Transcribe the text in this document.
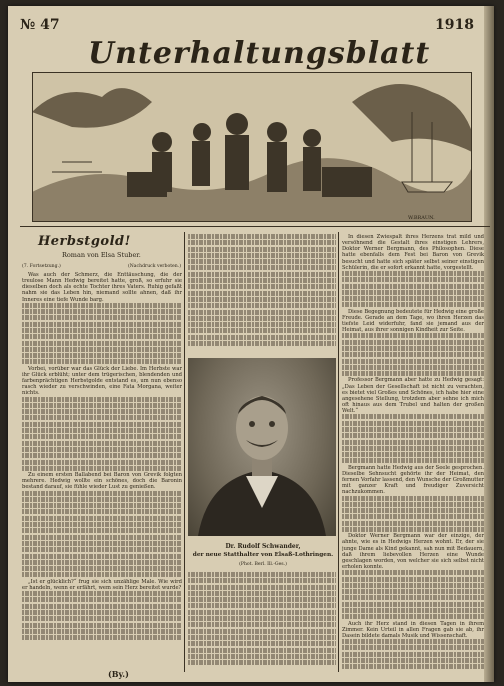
№ 47	1918
Unterhaltungsblatt
W.BRAUN.
Herbstgold!
Roman von Elsa Stuber.
(7. Fortsetzung.)	(Nachdruck verboten.)

Was auch der Schmerz, die Enttäuschung, die der treulose Mann Hedwig bereitet hatte, groß, so erfuhr sie dieselben doch als echte Tochter ihres Vaters. Ruhig gefaßt nahm sie das Leben hin, niemand sollte ahnen, daß ihr Inneres eine tiefe Wunde barg.

Vorbei, vorüber war das Glück der Liebe. Im Herbste war ihr Glück erblüht; unter dem trügerischen, blendenden und farbenprächtigen Herbstgolde entstand es, um nun ebenso rasch wieder zu verschwinden, eine Fata Morgana, weiter nichts.

Zu einem ersten Ballabend bei Baron von Grevik folgten mehrere. Hedwig wollte ein schönes, doch die Baronin bestand darauf, sie fühle wieder Lust zu genießen.

„Ist er glücklich?“ frug sie sich unzählige Male. Wie wird er handeln, wenn er erfährt, wem sein Herz bereitet wurde?

(By.)
Dr. Rudolf Schwander,
der neue Statthalter von Elsaß-Lothringen.
(Phot. Berl. Ill.-Ges.)

In diesen Zwiespalt ihres Herzens trat mild und versöhnend die Gestalt ihres einstigen Lehrers, Doktor Werner Bergmann, des Philosophen. Diese hatte ebenfalls dem Fest bei Baron von Grevik besucht und hatte sich später selbst seiner einstigen Schülerin, die er sofort erkannt hatte, vorgestellt.

Diese Begegnung bedeutete für Hedwig eine große Freude. Gerade an dem Tage, wo ihren Herzen das tiefste Leid widerfuhr, fand sie jemand aus der Heimat, aus ihrer sonnigen Kindheit zur Seite.

Professor Bergmann aber hatte zu Hedwig gesagt: „Das Leben der Gesellschaft ist nicht zu verachten, es bietet viel Großes und Schönes, ich habe hier eine angesehene Stellung, trotzdem aber sehne ich mich oft hinaus aus dem Trubel und halten der großen Welt.“

Bergmann hatte Hedwig aus der Seele gesprochen. Dieselbe Sehnsucht gehörte ihr der Heimat, den fernen Vorfahr lassend, den Wunsche der Großmutter mit ganzer Kraft und freudiger Zuversicht nachzukommen.

Doktor Werner Bergmann war der einzige, der ahnte, wie es in Hedwigs Herzen wohnt. Er, der sie junge Dame als Kind gekannt, sah nun mit Bedauern, daß ihrem liebevollen Herzen eine Wunde geschlagen worden, von welcher sie sich selbst nicht erholen konnte.

Auch ihr Herz stand in diesen Tagen in ihrem Zimmer. Kein Urteil in allen Fragen gab sie ab, ihr Dasein bildete damals Musik und Wissenschaft.
